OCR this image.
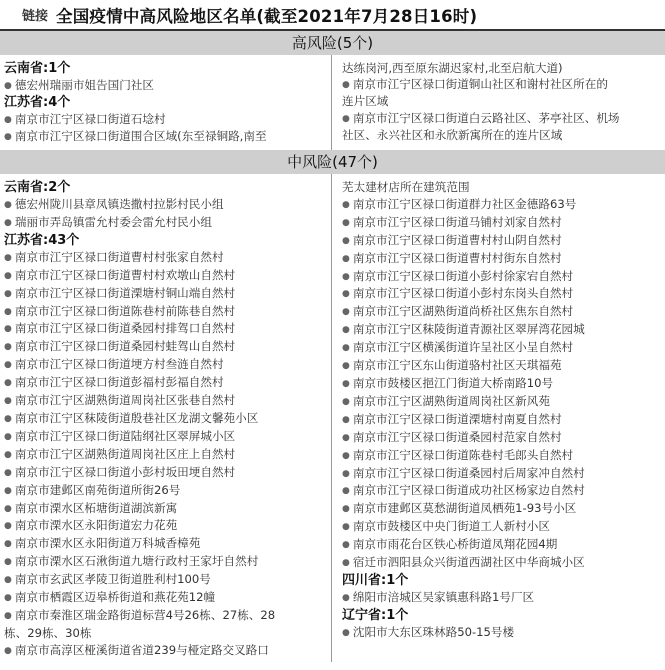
链接 全国疫情中高风险地区名单(截至2021年7月28日16时)
高风险(5个)
云南省:1个
● 德宏州瑞丽市姐告国门社区
江苏省:4个
● 南京市江宁区禄口街道石埝村
● 南京市江宁区禄口街道围合区域(东至禄铜路,南至
达练岗河,西至原东湖迟家村,北至启航大道)
● 南京市江宁区禄口街道铜山社区和谢村社区所在的
连片区域
● 南京市江宁区禄口街道白云路社区、茅亭社区、机场
社区、永兴社区和永欣新寓所在的连片区域
中风险(47个)
云南省:2个
● 德宏州陇川县章凤镇迭撒村拉影村民小组
● 瑞丽市弄岛镇雷允村委会雷允村民小组
江苏省:43个
● 南京市江宁区禄口街道曹村村张家自然村
● 南京市江宁区禄口街道曹村村欢墩山自然村
● 南京市江宁区禄口街道溧塘村铜山端自然村
● 南京市江宁区禄口街道陈巷村前陈巷自然村
● 南京市江宁区禄口街道桑园村排驾口自然村
● 南京市江宁区禄口街道桑园村蛙驾山自然村
● 南京市江宁区禄口街道埂方村叁涟自然村
● 南京市江宁区禄口街道彭福村彭福自然村
● 南京市江宁区湖熟街道周岗社区张巷自然村
● 南京市江宁区秣陵街道殷巷社区龙湖文馨苑小区
● 南京市江宁区禄口街道陆纲社区翠屏城小区
● 南京市江宁区湖熟街道周岗社区庄上自然村
● 南京市江宁区禄口街道小彭村坂田埂自然村
● 南京市建邺区南苑街道所街26号
● 南京市溧水区柘塘街道湖滨新寓
● 南京市溧水区永阳街道宏力花苑
● 南京市溧水区永阳街道万科城香樟苑
● 南京市溧水区石湫街道九塘行政村王家圩自然村
● 南京市玄武区孝陵卫街道胜利村100号
● 南京市栖霞区迈皋桥街道和燕花苑12幢
● 南京市秦淮区瑞金路街道标营4号26栋、27栋、28
栋、29栋、30栋
● 南京市高淳区桠溪街道省道239与桠定路交叉路口
芜太建材店所在建筑范围
● 南京市江宁区禄口街道群力社区金德路63号
● 南京市江宁区禄口街道马铺村刘家自然村
● 南京市江宁区禄口街道曹村村山阴自然村
● 南京市江宁区禄口街道曹村村街东自然村
● 南京市江宁区禄口街道小彭村徐家宕自然村
● 南京市江宁区禄口街道小彭村东岗头自然村
● 南京市江宁区湖熟街道尚桥社区焦东自然村
● 南京市江宁区秣陵街道青源社区翠屏湾花园城
● 南京市江宁区横溪街道许呈社区小呈自然村
● 南京市江宁区东山街道骆村社区天琪福苑
● 南京市鼓楼区挹江门街道大桥南路10号
● 南京市江宁区湖熟街道周岗社区新风苑
● 南京市江宁区禄口街道溧塘村南夏自然村
● 南京市江宁区禄口街道桑园村范家自然村
● 南京市江宁区禄口街道陈巷村毛郎头自然村
● 南京市江宁区禄口街道桑园村后周家冲自然村
● 南京市江宁区禄口街道成功社区杨家边自然村
● 南京市建邺区莫愁湖街道凤栖苑1-93号小区
● 南京市鼓楼区中央门街道工人新村小区
● 南京市雨花台区铁心桥街道凤翔花园4期
● 宿迁市泗阳县众兴街道西湖社区中华商城小区
四川省:1个
● 绵阳市涪城区吴家镇惠科路1号厂区
辽宁省:1个
● 沈阳市大东区珠林路50-15号楼
